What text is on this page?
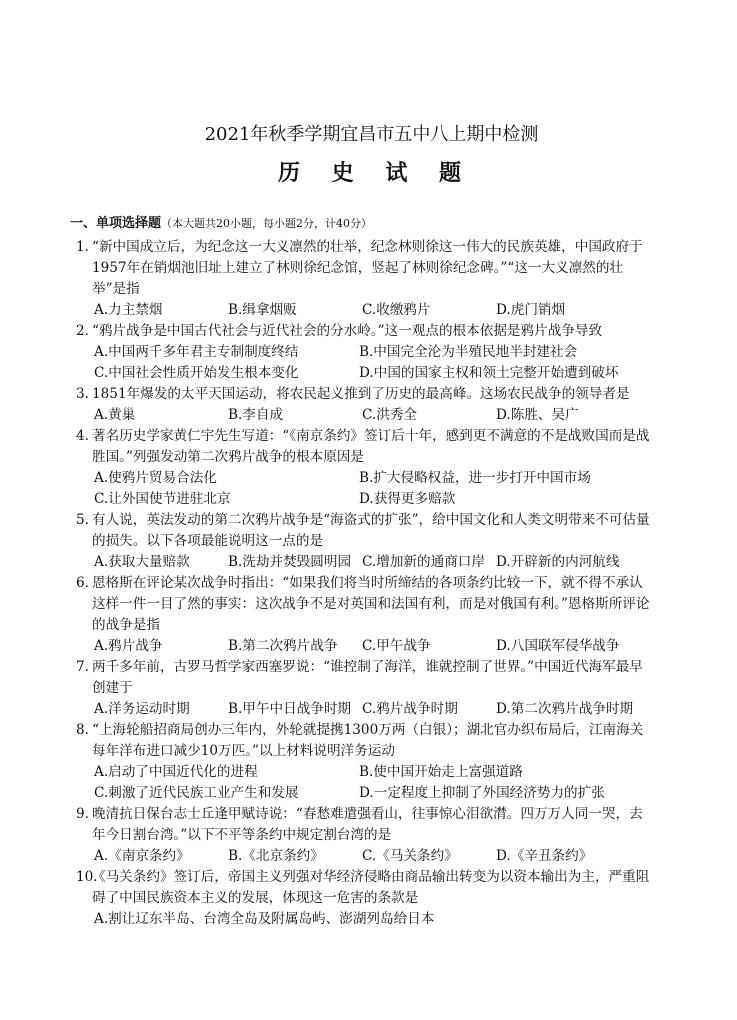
2021年秋季学期宜昌市五中八上期中检测
历 史 试 题
一、单项选择题（本大题共20小题，每小题2分，计40分）
1．
“新中国成立后，为纪念这一大义凛然的壮举，纪念林则徐这一伟大的民族英雄，中国政府于1957年在销烟池旧址上建立了林则徐纪念馆，竖起了林则徐纪念碑。”“这一大义凛然的壮举”是指
A.力主禁烟	B.缉拿烟贩	C.收缴鸦片	D.虎门销烟
2．
“鸦片战争是中国古代社会与近代社会的分水岭。”这一观点的根本依据是鸦片战争导致
A.中国两千多年君主专制制度终结	B.中国完全沦为半殖民地半封建社会
C.中国社会性质开始发生根本变化	D.中国的国家主权和领土完整开始遭到破坏
3. 1851年爆发的太平天国运动，将农民起义推到了历史的最高峰。这场农民战争的领导者是
A.黄巢	B.李自成	C.洪秀全	D.陈胜、吴广
4. 著名历史学家黄仁宇先生写道：“《南京条约》签订后十年，感到更不满意的不是战败国而是战胜国。”列强发动第二次鸦片战争的根本原因是
A.使鸦片贸易合法化	B.扩大侵略权益，进一步打开中国市场
C.让外国使节进驻北京	D.获得更多赔款
5. 有人说，英法发动的第二次鸦片战争是“海盗式的扩张”，给中国文化和人类文明带来不可估量的损失。以下各项最能说明这一点的是
A.获取大量赔款	B.洗劫并焚毁圆明园 C.增加新的通商口岸 D.开辟新的内河航线
6. 恩格斯在评论某次战争时指出：“如果我们将当时所缔结的各项条约比较一下，就不得不承认这样一件一目了然的事实：这次战争不是对英国和法国有利，而是对俄国有利。”恩格斯所评论的战争是指
A.鸦片战争	B.第二次鸦片战争	C.甲午战争	D.八国联军侵华战争
7. 两千多年前，古罗马哲学家西塞罗说：“谁控制了海洋，谁就控制了世界。”中国近代海军最早创建于
A.洋务运动时期	B.甲午中日战争时期 C.鸦片战争时期	D.第二次鸦片战争时期
8. “上海轮船招商局创办三年内，外轮就提携1300万两（白银）；湖北官办织布局后，江南海关每年洋布进口减少10万匹。”以上材料说明洋务运动
A.启动了中国近代化的进程	B.使中国开始走上富强道路
C.刺激了近代民族工业产生和发展	D.一定程度上抑制了外国经济势力的扩张
9. 晚清抗日保台志士丘逢甲赋诗说：“春愁难遣强看山，往事惊心泪欲潸。四万万人同一哭，去年今日割台湾。”以下不平等条约中规定割台湾的是
A.《南京条约》	B.《北京条约》	C.《马关条约》	D.《辛丑条约》
10.
《马关条约》签订后，帝国主义列强对华经济侵略由商品输出转变为以资本输出为主，严重阻碍了中国民族资本主义的发展，体现这一危害的条款是
A.割让辽东半岛、台湾全岛及附属岛屿、澎湖列岛给日本
